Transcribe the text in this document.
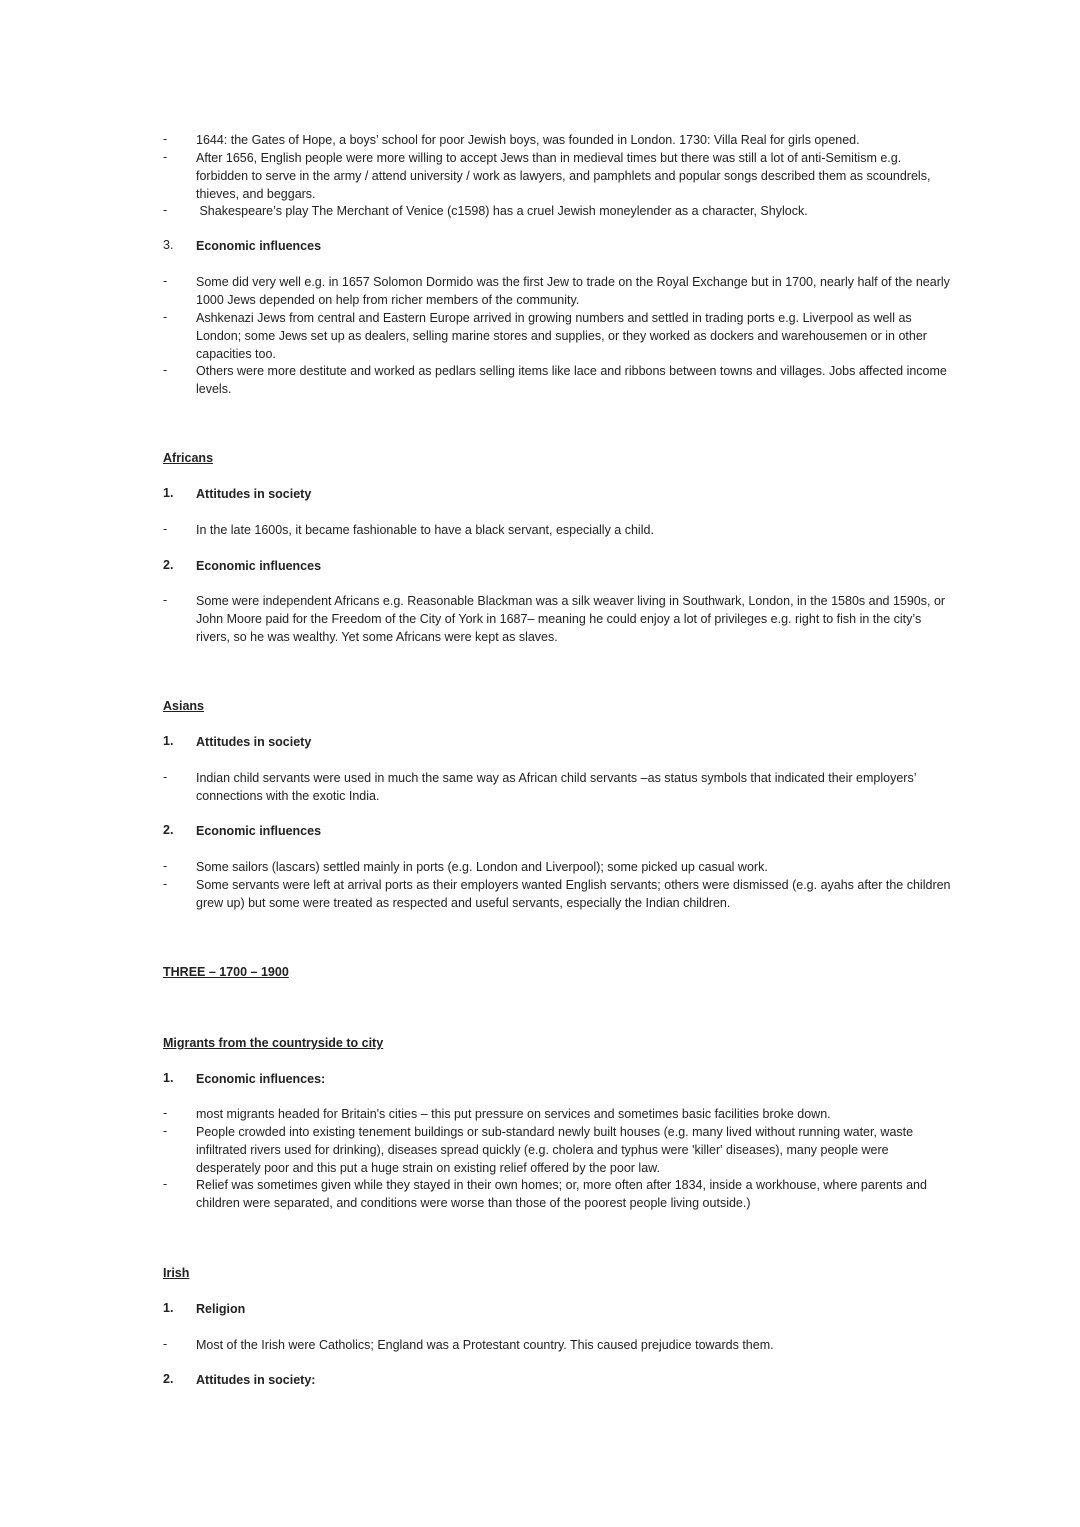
-	1644: the Gates of Hope, a boys’ school for poor Jewish boys, was founded in London. 1730: Villa Real for girls opened.
-	After 1656, English people were more willing to accept Jews than in medieval times but there was still a lot of anti-Semitism e.g. forbidden to serve in the army / attend university / work as lawyers, and pamphlets and popular songs described them as scoundrels, thieves, and beggars.
-	Shakespeare’s play The Merchant of Venice (c1598) has a cruel Jewish moneylender as a character, Shylock.
3. Economic influences
-	Some did very well e.g. in 1657 Solomon Dormido was the first Jew to trade on the Royal Exchange but in 1700, nearly half of the nearly 1000 Jews depended on help from richer members of the community.
-	Ashkenazi Jews from central and Eastern Europe arrived in growing numbers and settled in trading ports e.g. Liverpool as well as London; some Jews set up as dealers, selling marine stores and supplies, or they worked as dockers and warehousemen or in other capacities too.
-	Others were more destitute and worked as pedlars selling items like lace and ribbons between towns and villages. Jobs affected income levels.
Africans
1. Attitudes in society
-	In the late 1600s, it became fashionable to have a black servant, especially a child.
2. Economic influences
-	Some were independent Africans e.g. Reasonable Blackman was a silk weaver living in Southwark, London, in the 1580s and 1590s, or John Moore paid for the Freedom of the City of York in 1687– meaning he could enjoy a lot of privileges e.g. right to fish in the city’s rivers, so he was wealthy. Yet some Africans were kept as slaves.
Asians
1. Attitudes in society
-	Indian child servants were used in much the same way as African child servants –as status symbols that indicated their employers’ connections with the exotic India.
2. Economic influences
-	Some sailors (lascars) settled mainly in ports (e.g. London and Liverpool); some picked up casual work.
-	Some servants were left at arrival ports as their employers wanted English servants; others were dismissed (e.g. ayahs after the children grew up) but some were treated as respected and useful servants, especially the Indian children.
THREE – 1700 – 1900
Migrants from the countryside to city
1. Economic influences:
-	most migrants headed for Britain's cities – this put pressure on services and sometimes basic facilities broke down.
-	People crowded into existing tenement buildings or sub-standard newly built houses (e.g. many lived without running water, waste infiltrated rivers used for drinking), diseases spread quickly (e.g. cholera and typhus were 'killer' diseases), many people were desperately poor and this put a huge strain on existing relief offered by the poor law.
-	Relief was sometimes given while they stayed in their own homes; or, more often after 1834, inside a workhouse, where parents and children were separated, and conditions were worse than those of the poorest people living outside.)
Irish
1. Religion
-	Most of the Irish were Catholics; England was a Protestant country. This caused prejudice towards them.
2. Attitudes in society:
